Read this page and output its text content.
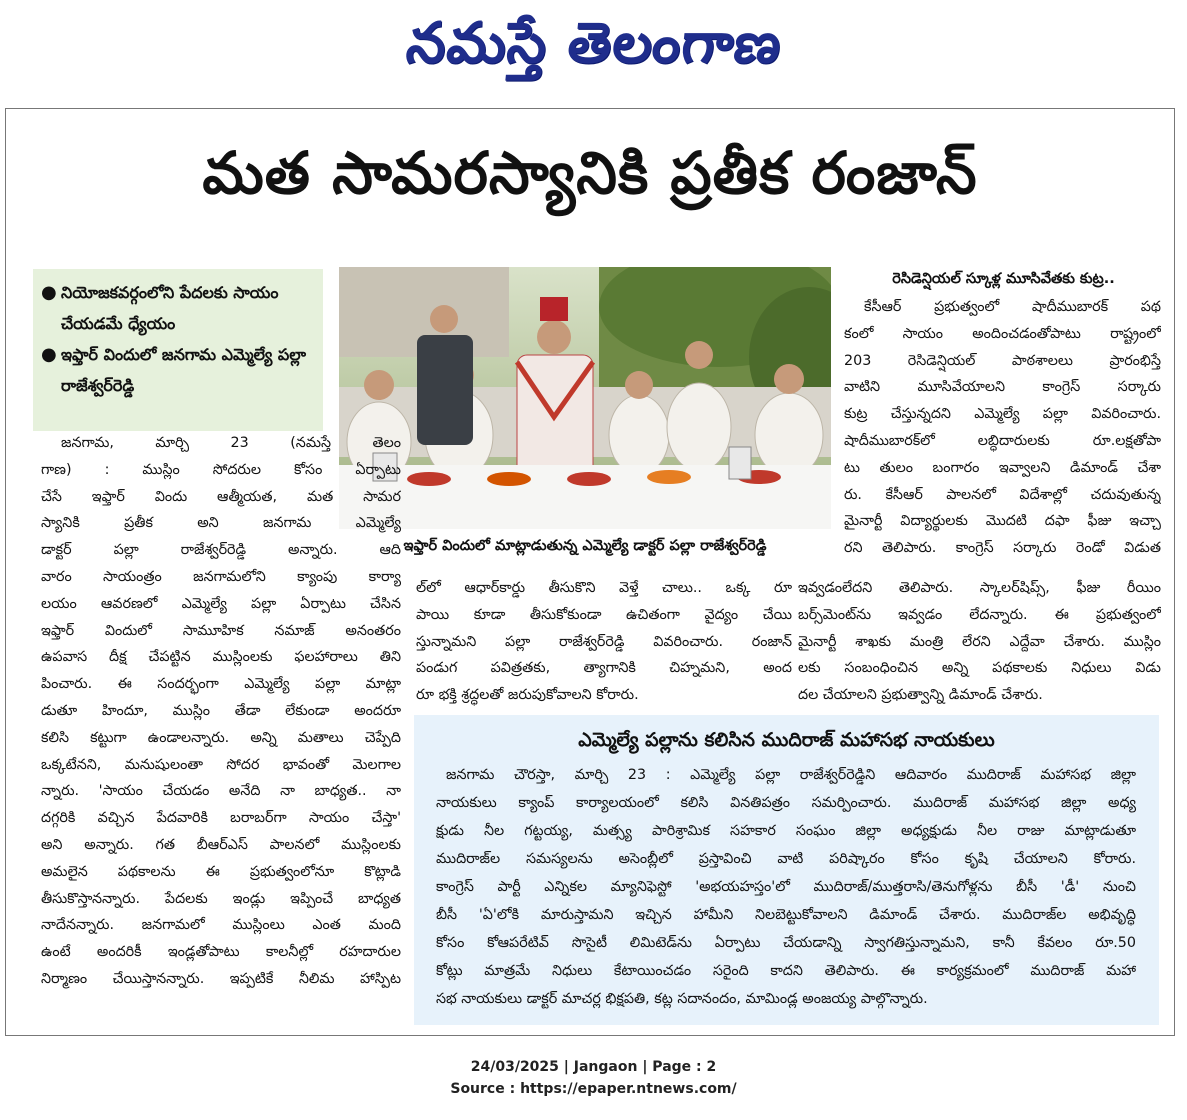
నమస్తే తెలంగాణ
మత సామరస్యానికి ప్రతీక రంజాన్
● నియోజకవర్గంలోని పేదలకు సాయం చేయడమే ధ్యేయం
● ఇఫ్తార్ విందులో జనగామ ఎమ్మెల్యే పల్లా రాజేశ్వర్‌రెడ్డి
ఇఫ్తార్ విందులో మాట్లాడుతున్న ఎమ్మెల్యే డాక్టర్ పల్లా రాజేశ్వర్‌రెడ్డి
జనగామ, మార్చి 23 (నమస్తే తెలం
గాణ) : ముస్లిం సోదరుల కోసం ఏర్పాటు
చేసే ఇఫ్తార్ విందు ఆత్మీయత, మత సామర
స్యానికి ప్రతీక అని జనగామ ఎమ్మెల్యే
డాక్టర్ పల్లా రాజేశ్వర్‌రెడ్డి అన్నారు. ఆది
వారం సాయంత్రం జనగామలోని క్యాంపు కార్యా
లయం ఆవరణలో ఎమ్మెల్యే పల్లా ఏర్పాటు చేసిన
ఇఫ్తార్ విందులో సామూహిక నమాజ్ అనంతరం
ఉపవాస దీక్ష చేపట్టిన ముస్లింలకు ఫలహారాలు తిని
పించారు. ఈ సందర్భంగా ఎమ్మెల్యే పల్లా మాట్లా
డుతూ హిందూ, ముస్లిం తేడా లేకుండా అందరూ
కలిసి కట్టుగా ఉండాలన్నారు. అన్ని మతాలు చెప్పేది
ఒక్కటేనని, మనుషులంతా సోదర భావంతో మెలగాల
న్నారు. 'సాయం చేయడం అనేది నా బాధ్యత.. నా
దగ్గరికి వచ్చిన పేదవారికి బరాబర్‌గా సాయం చేస్తా'
అని అన్నారు. గత బీఆర్‌ఎస్ పాలనలో ముస్లింలకు
అమలైన పథకాలను ఈ ప్రభుత్వంలోనూ కొట్లాడి
తీసుకొస్తానన్నారు. పేదలకు ఇండ్లు ఇప్పించే బాధ్యత
నాదేనన్నారు. జనగామలో ముస్లింలు ఎంత మంది
ఉంటే అందరికీ ఇండ్లతోపాటు కాలనీల్లో రహదారుల
నిర్మాణం చేయిస్తానన్నారు. ఇప్పటికే నీలిమ హాస్పిట
ల్‌లో ఆధార్‌కార్డు తీసుకొని వెళ్తే చాలు.. ఒక్క రూ
పాయి కూడా తీసుకోకుండా ఉచితంగా వైద్యం చేయి
స్తున్నామని పల్లా రాజేశ్వర్‌రెడ్డి వివరించారు. రంజాన్
పండుగ పవిత్రతకు, త్యాగానికి చిహ్నమని, అంద
రూ భక్తి శ్రద్ధలతో జరుపుకోవాలని కోరారు.
రెసిడెన్షియల్ స్కూళ్ల మూసివేతకు కుట్ర..
కేసీఆర్ ప్రభుత్వంలో షాదీముబారక్ పథ
కంలో సాయం అందించడంతోపాటు రాష్ట్రంలో
203 రెసిడెన్షియల్ పాఠశాలలు ప్రారంభిస్తే
వాటిని మూసివేయాలని కాంగ్రెస్ సర్కారు
కుట్ర చేస్తున్నదని ఎమ్మెల్యే పల్లా వివరించారు.
షాదీముబారక్‌లో లబ్ధిదారులకు రూ.లక్షతోపా
టు తులం బంగారం ఇవ్వాలని డిమాండ్ చేశా
రు. కేసీఆర్ పాలనలో విదేశాల్లో చదువుతున్న
మైనార్టీ విద్యార్థులకు మొదటి దఫా ఫీజు ఇచ్చా
రని తెలిపారు. కాంగ్రెస్ సర్కారు రెండో విడుత
ఇవ్వడంలేదని తెలిపారు. స్కాలర్‌షిప్స్, ఫీజు రీయిం
బర్స్‌మెంట్‌ను ఇవ్వడం లేదన్నారు. ఈ ప్రభుత్వంలో
మైనార్టీ శాఖకు మంత్రి లేరని ఎద్దేవా చేశారు. ముస్లిం
లకు సంబంధించిన అన్ని పథకాలకు నిధులు విడు
దల చేయాలని ప్రభుత్వాన్ని డిమాండ్ చేశారు.
ఎమ్మెల్యే పల్లాను కలిసిన ముదిరాజ్ మహాసభ నాయకులు
జనగామ చౌరస్తా, మార్చి 23 : ఎమ్మెల్యే పల్లా రాజేశ్వర్‌రెడ్డిని ఆదివారం ముదిరాజ్ మహాసభ జిల్లా
నాయకులు క్యాంప్ కార్యాలయంలో కలిసి వినతిపత్రం సమర్పించారు. ముదిరాజ్ మహాసభ జిల్లా అధ్య
క్షుడు నీల గట్టయ్య, మత్స్య పారిశ్రామిక సహకార సంఘం జిల్లా అధ్యక్షుడు నీల రాజు మాట్లాడుతూ
ముదిరాజ్‌ల సమస్యలను అసెంబ్లీలో ప్రస్తావించి వాటి పరిష్కారం కోసం కృషి చేయాలని కోరారు.
కాంగ్రెస్ పార్టీ ఎన్నికల మ్యానిఫెస్టో 'అభయహస్తం'లో ముదిరాజ్/ముత్తరాసి/తెనుగోళ్లను బీసీ 'డీ' నుంచి
బీసీ 'ఏ'లోకి మారుస్తామని ఇచ్చిన హామీని నిలబెట్టుకోవాలని డిమాండ్ చేశారు. ముదిరాజ్‌ల అభివృద్ధి
కోసం కోఆపరేటివ్ సొసైటీ లిమిటెడ్‌ను ఏర్పాటు చేయడాన్ని స్వాగతిస్తున్నామని, కానీ కేవలం రూ.50
కోట్లు మాత్రమే నిధులు కేటాయించడం సరైంది కాదని తెలిపారు. ఈ కార్యక్రమంలో ముదిరాజ్ మహా
సభ నాయకులు డాక్టర్ మాచర్ల భిక్షపతి, కట్ల సదానందం, మామిండ్ల అంజయ్య పాల్గొన్నారు.
24/03/2025 | Jangaon | Page : 2
Source : https://epaper.ntnews.com/
